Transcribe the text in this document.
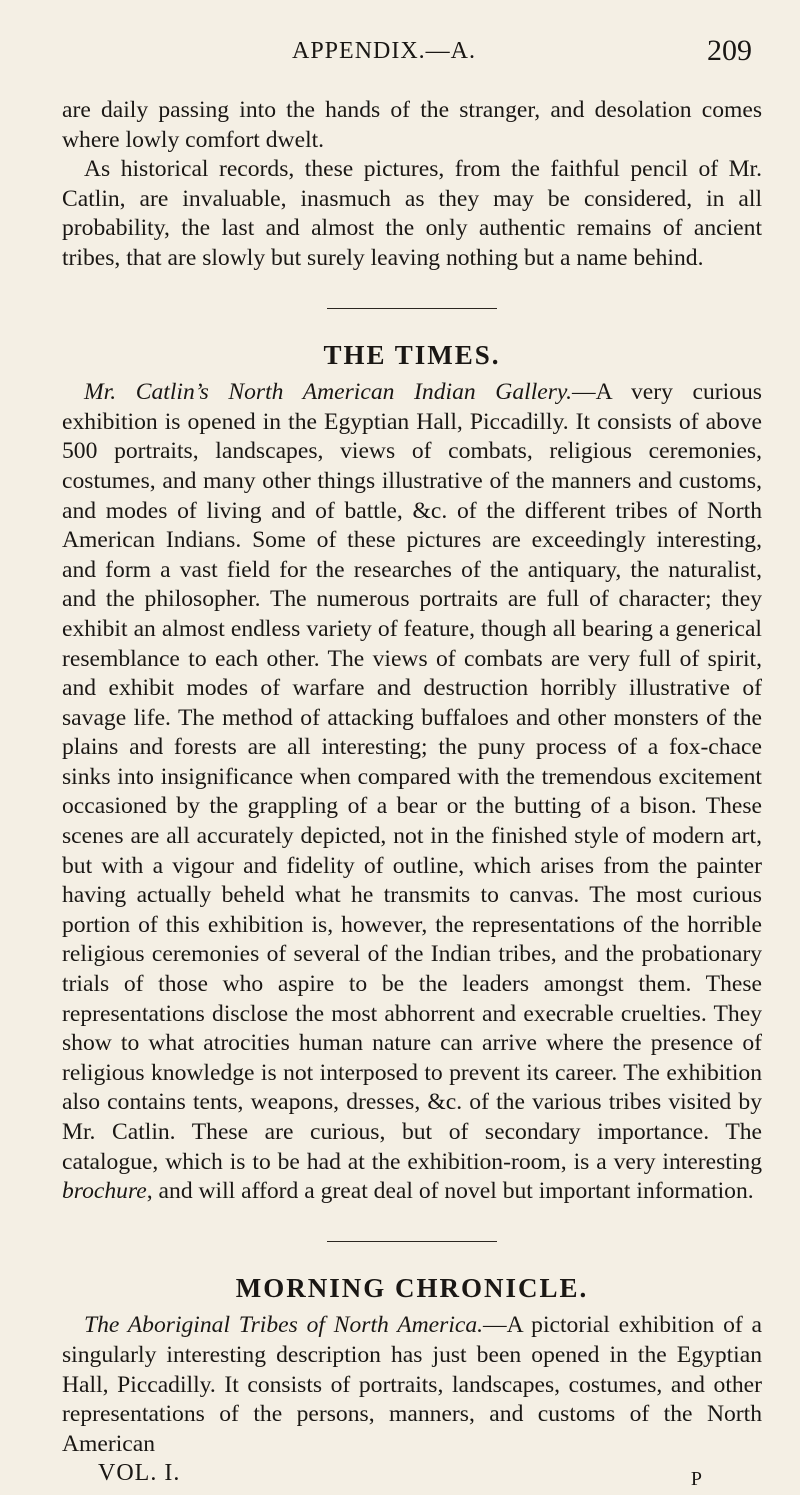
APPENDIX.—A.	209

are daily passing into the hands of the stranger, and desolation comes where lowly comfort dwelt.

As historical records, these pictures, from the faithful pencil of Mr. Catlin, are invaluable, inasmuch as they may be considered, in all probability, the last and almost the only authentic remains of ancient tribes, that are slowly but surely leaving nothing but a name behind.

THE TIMES.

Mr. Catlin’s North American Indian Gallery.—A very curious exhibition is opened in the Egyptian Hall, Piccadilly. It consists of above 500 portraits, landscapes, views of combats, religious ceremonies, costumes, and many other things illustrative of the manners and customs, and modes of living and of battle, &c. of the different tribes of North American Indians. Some of these pictures are exceedingly interesting, and form a vast field for the researches of the antiquary, the naturalist, and the philosopher. The numerous portraits are full of character; they exhibit an almost endless variety of feature, though all bearing a generical resemblance to each other. The views of combats are very full of spirit, and exhibit modes of warfare and destruction horribly illustrative of savage life. The method of attacking buffaloes and other monsters of the plains and forests are all interesting; the puny process of a fox-chace sinks into insignificance when compared with the tremendous excitement occasioned by the grappling of a bear or the butting of a bison. These scenes are all accurately depicted, not in the finished style of modern art, but with a vigour and fidelity of outline, which arises from the painter having actually beheld what he transmits to canvas. The most curious portion of this exhibition is, however, the representations of the horrible religious ceremonies of several of the Indian tribes, and the probationary trials of those who aspire to be the leaders amongst them. These representations disclose the most abhorrent and execrable cruelties. They show to what atrocities human nature can arrive where the presence of religious knowledge is not interposed to prevent its career. The exhibition also contains tents, weapons, dresses, &c. of the various tribes visited by Mr. Catlin. These are curious, but of secondary importance. The catalogue, which is to be had at the exhibition-room, is a very interesting brochure, and will afford a great deal of novel but important information.

MORNING CHRONICLE.

The Aboriginal Tribes of North America.—A pictorial exhibition of a singularly interesting description has just been opened in the Egyptian Hall, Piccadilly. It consists of portraits, landscapes, costumes, and other representations of the persons, manners, and customs of the North American

VOL. I.	P
